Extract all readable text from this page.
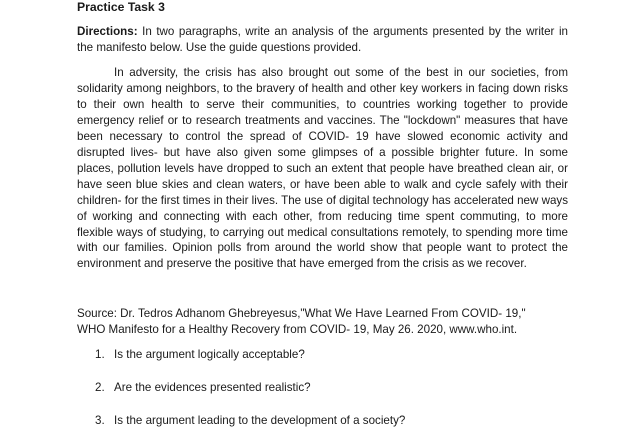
Practice Task 3
Directions: In two paragraphs, write an analysis of the arguments presented by the writer in the manifesto below. Use the guide questions provided.
In adversity, the crisis has also brought out some of the best in our societies, from solidarity among neighbors, to the bravery of health and other key workers in facing down risks to their own health to serve their communities, to countries working together to provide emergency relief or to research treatments and vaccines. The "lockdown" measures that have been necessary to control the spread of COVID- 19 have slowed economic activity and disrupted lives- but have also given some glimpses of a possible brighter future. In some places, pollution levels have dropped to such an extent that people have breathed clean air, or have seen blue skies and clean waters, or have been able to walk and cycle safely with their children- for the first times in their lives. The use of digital technology has accelerated new ways of working and connecting with each other, from reducing time spent commuting, to more flexible ways of studying, to carrying out medical consultations remotely, to spending more time with our families. Opinion polls from around the world show that people want to protect the environment and preserve the positive that have emerged from the crisis as we recover.
Source: Dr. Tedros Adhanom Ghebreyesus,"What We Have Learned From COVID- 19,"
WHO Manifesto for a Healthy Recovery from COVID- 19, May 26. 2020, www.who.int.
1. Is the argument logically acceptable?
2. Are the evidences presented realistic?
3. Is the argument leading to the development of a society?
